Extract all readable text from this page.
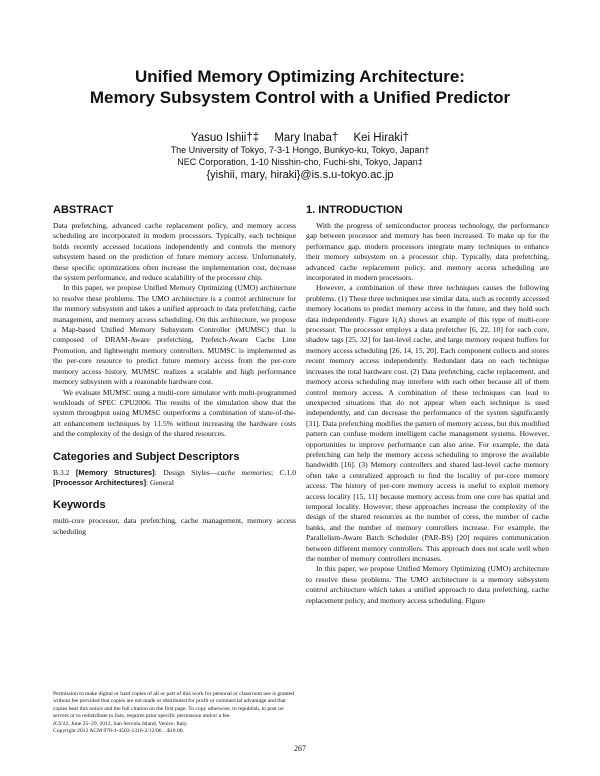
Unified Memory Optimizing Architecture:
Memory Subsystem Control with a Unified Predictor
Yasuo Ishii†‡ Mary Inaba† Kei Hiraki†
The University of Tokyo, 7-3-1 Hongo, Bunkyo-ku, Tokyo, Japan†
NEC Corporation, 1-10 Nisshin-cho, Fuchi-shi, Tokyo, Japan‡
{yishii, mary, hiraki}@is.s.u-tokyo.ac.jp
ABSTRACT

Data prefetching, advanced cache replacement policy, and memory access scheduling are incorporated in modern processors. Typically, each technique holds recently accessed locations independently and controls the memory subsystem based on the prediction of future memory access. Unfortunately, these specific optimizations often increase the implementation cost, decrease the system performance, and reduce scalability of the processor chip.

In this paper, we propose Unified Memory Optimizing (UMO) architecture to resolve these problems. The UMO architecture is a control architecture for the memory subsystem and takes a unified approach to data prefetching, cache management, and memory access scheduling. On this architecture, we propose a Map-based Unified Memory Subsystem Controller (MUMSC) that is composed of DRAM-Aware prefetching, Prefetch-Aware Cache Line Promotion, and lightweight memory controllers. MUMSC is implemented as the per-core resource to predict future memory access from the per-core memory access history. MUMSC realizes a scalable and high performance memory subsystem with a reasonable hardware cost.

We evaluate MUMSC using a multi-core simulator with multi-programmed workloads of SPEC CPU2006. The results of the simulation show that the system throughput using MUMSC outperforms a combination of state-of-the-art enhancement techniques by 11.5% without increasing the hardware costs and the complexity of the design of the shared resources.

Categories and Subject Descriptors

B.3.2 [Memory Structures]: Design Styles—cache memories; C.1.0 [Processor Architectures]: General

Keywords

multi-core processor, data prefetching, cache management, memory access scheduling

Permission to make digital or hard copies of all or part of this work for personal or classroom use is granted without fee provided that copies are not made or distributed for profit or commercial advantage and that copies bear this notice and the full citation on the first page. To copy otherwise, to republish, to post on servers or to redistribute to lists, requires prior specific permission and/or a fee.
ICS'12, June 25–29, 2012, San Servolo Island, Venice, Italy.
Copyright 2012 ACM 978-1-4503-1316-2/12/06 ...$10.00.
1. INTRODUCTION

With the progress of semiconductor process technology, the performance gap between processor and memory has been increased. To make up for the performance gap, modern processors integrate many techniques to enhance their memory subsystem on a processor chip. Typically, data prefetching, advanced cache replacement policy, and memory access scheduling are incorporated in modern processors.

However, a combination of these three techniques causes the following problems. (1) These three techniques use similar data, such as recently accessed memory locations to predict memory access in the future, and they hold such data independently. Figure 1(A) shows an example of this type of multi-core processor. The processor employs a data prefetcher [6, 22, 10] for each core, shadow tags [25, 32] for last-level cache, and large memory request buffers for memory access scheduling [26, 14, 15, 20]. Each component collects and stores recent memory access independently. Redundant data on each technique increases the total hardware cost. (2) Data prefetching, cache replacement, and memory access scheduling may interfere with each other because all of them control memory access. A combination of these techniques can lead to unexpected situations that do not appear when each technique is used independently, and can decrease the performance of the system significantly [31]. Data prefetching modifies the pattern of memory access, but this modified pattern can confuse modern intelligent cache management systems. However, opportunities to improve performance can also arise. For example, the data prefetching can help the memory access scheduling to improve the available bandwidth [16]. (3) Memory controllers and shared last-level cache memory often take a centralized approach to find the locality of per-core memory access. The history of per-core memory access is useful to exploit memory access locality [15, 11] because memory access from one core has spatial and temporal locality. However, these approaches increase the complexity of the design of the shared resources as the number of cores, the number of cache banks, and the number of memory controllers increase. For example, the Parallelism-Aware Batch Scheduler (PAR-BS) [20] requires communication between different memory controllers. This approach does not scale well when the number of memory controllers increases.

In this paper, we propose Unified Memory Optimizing (UMO) architecture to resolve these problems. The UMO architecture is a memory subsystem control architecture which takes a unified approach to data prefetching, cache replacement policy, and memory access scheduling. Figure

267
